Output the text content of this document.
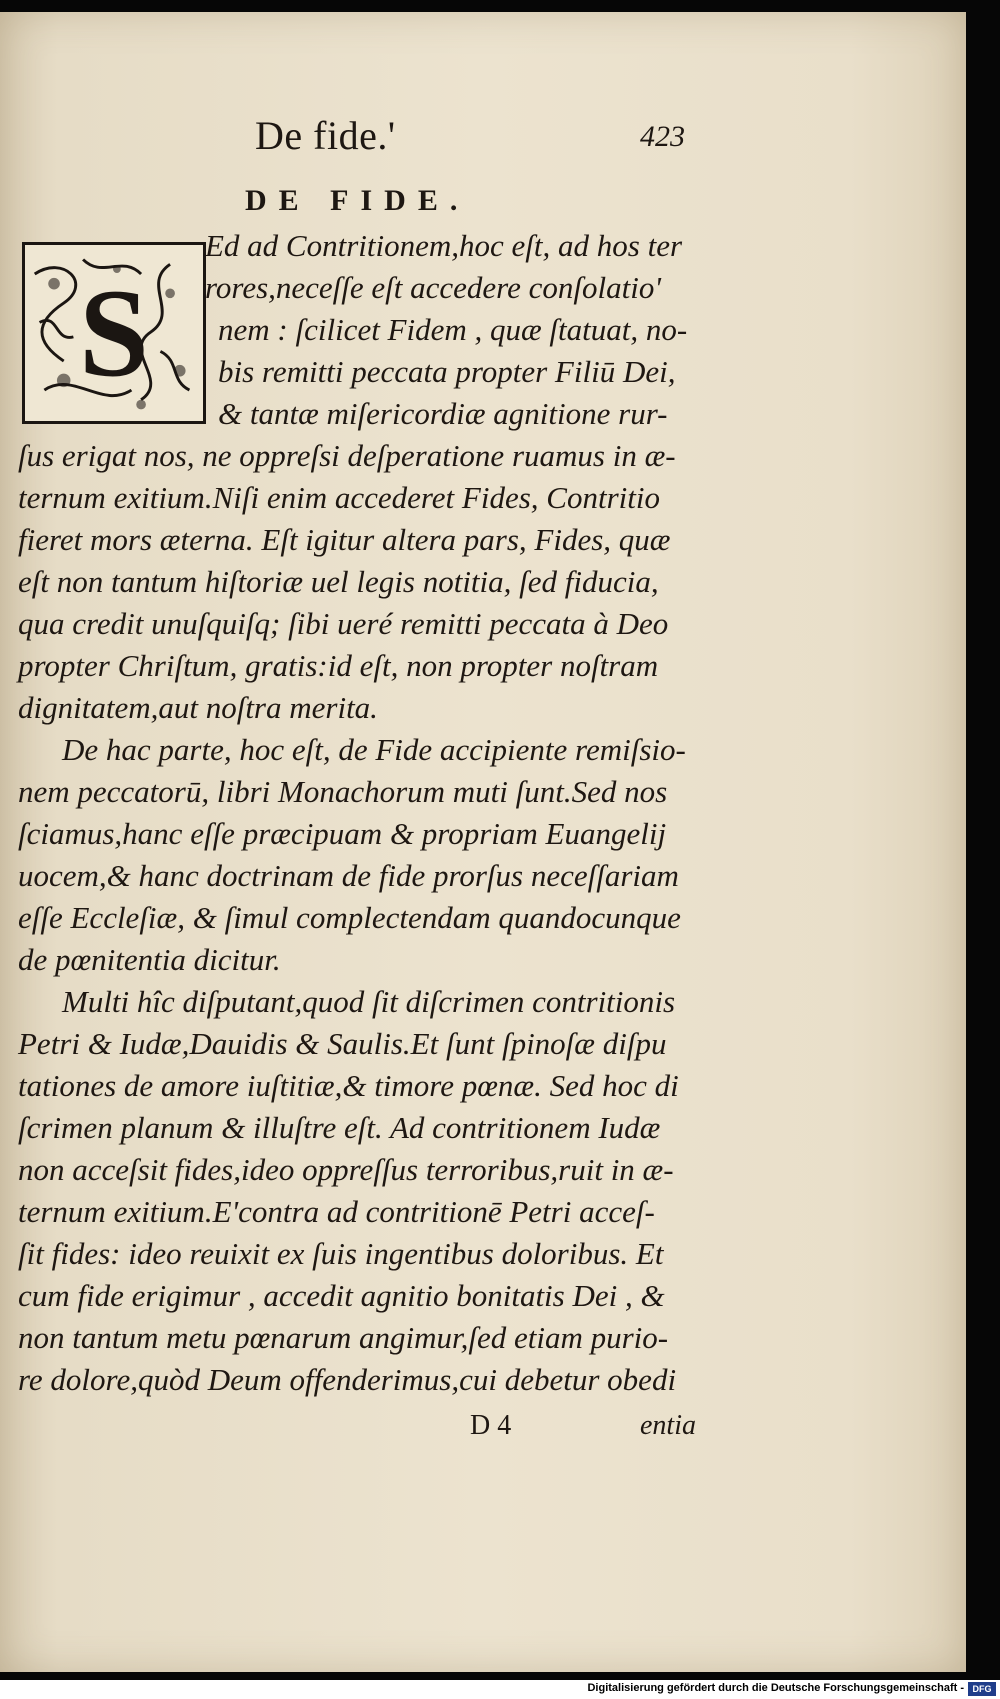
De fide.'	423
DE FIDE.
S
Ed ad Contritionem,hoc eſt, ad hos ter
rores,neceſſe eſt accedere conſolatio'
nem : ſcilicet Fidem , quæ ſtatuat, no-
bis remitti peccata propter Filiū Dei,
& tantæ miſericordiæ agnitione rur-
ſus erigat nos, ne oppreſsi deſperatione ruamus in æ-
ternum exitium.Niſi enim accederet Fides, Contritio
fieret mors æterna. Eſt igitur altera pars, Fides, quæ
eſt non tantum hiſtoriæ uel legis notitia, ſed fiducia,
qua credit unuſquiſq; ſibi ueré remitti peccata à Deo
propter Chriſtum, gratis:id eſt, non propter noſtram
dignitatem,aut noſtra merita.
De hac parte, hoc eſt, de Fide accipiente remiſsio-
nem peccatorū, libri Monachorum muti ſunt.Sed nos
ſciamus,hanc eſſe præcipuam & propriam Euangelij
uocem,& hanc doctrinam de fide prorſus neceſſariam
eſſe Eccleſiæ, & ſimul complectendam quandocunque
de pœnitentia dicitur.
Multi hîc diſputant,quod ſit diſcrimen contritionis
Petri & Iudæ,Dauidis & Saulis.Et ſunt ſpinoſæ diſpu
tationes de amore iuſtitiæ,& timore pœnæ. Sed hoc di
ſcrimen planum & illuſtre eſt. Ad contritionem Iudæ
non acceſsit fides,ideo oppreſſus terroribus,ruit in æ-
ternum exitium.E'contra ad contritionē Petri acceſ-
ſit fides: ideo reuixit ex ſuis ingentibus doloribus. Et
cum fide erigimur , accedit agnitio bonitatis Dei , &
non tantum metu pœnarum angimur,ſed etiam purio-
re dolore,quòd Deum offenderimus,cui debetur obedi
D 4	entia
Digitalisierung gefördert durch die Deutsche Forschungsgemeinschaft - DFG
